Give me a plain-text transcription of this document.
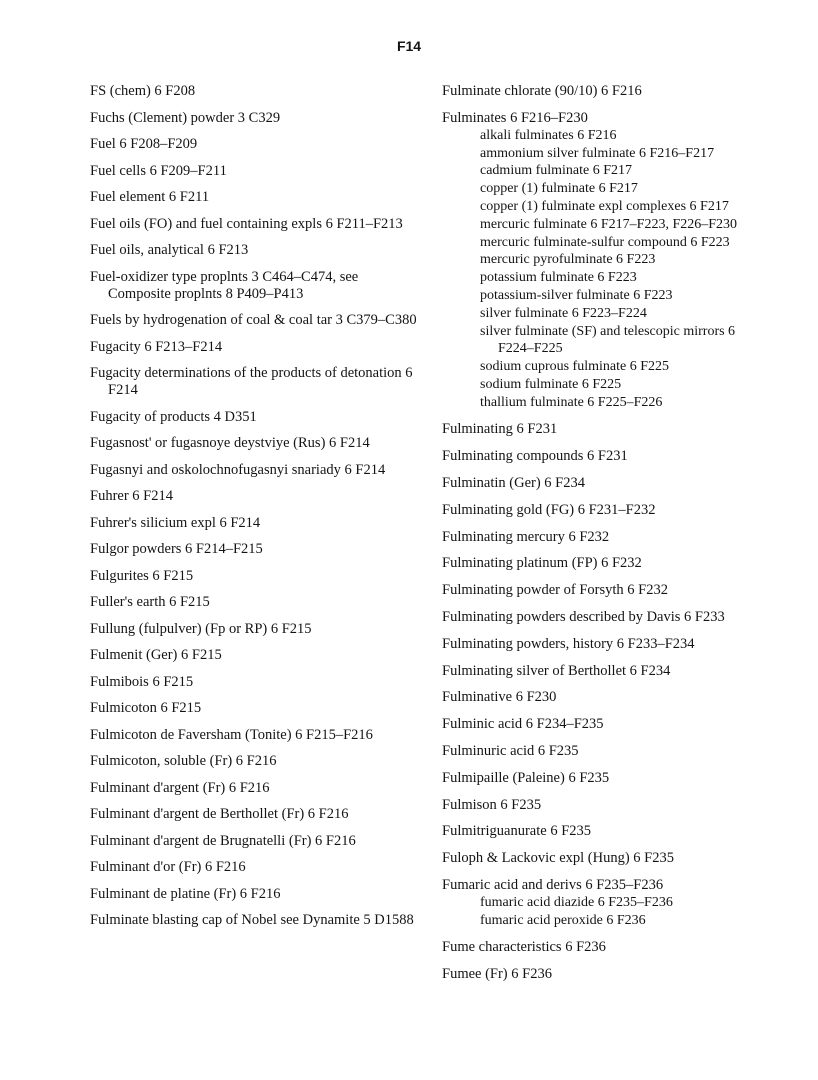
F14
FS (chem) 6 F208
Fuchs (Clement) powder 3 C329
Fuel 6 F208–F209
Fuel cells 6 F209–F211
Fuel element 6 F211
Fuel oils (FO) and fuel containing expls 6 F211–F213
Fuel oils, analytical 6 F213
Fuel-oxidizer type proplnts 3 C464–C474, see Composite proplnts 8 P409–P413
Fuels by hydrogenation of coal & coal tar 3 C379–C380
Fugacity 6 F213–F214
Fugacity determinations of the products of detonation 6 F214
Fugacity of products 4 D351
Fugasnost' or fugasnoye deystviye (Rus) 6 F214
Fugasnyi and oskolochnofugasnyi snariady 6 F214
Fuhrer 6 F214
Fuhrer's silicium expl 6 F214
Fulgor powders 6 F214–F215
Fulgurites 6 F215
Fuller's earth 6 F215
Fullung (fulpulver) (Fp or RP) 6 F215
Fulmenit (Ger) 6 F215
Fulmibois 6 F215
Fulmicoton 6 F215
Fulmicoton de Faversham (Tonite) 6 F215–F216
Fulmicoton, soluble (Fr) 6 F216
Fulminant d'argent (Fr) 6 F216
Fulminant d'argent de Berthollet (Fr) 6 F216
Fulminant d'argent de Brugnatelli (Fr) 6 F216
Fulminant d'or (Fr) 6 F216
Fulminant de platine (Fr) 6 F216
Fulminate blasting cap of Nobel see Dynamite 5 D1588
Fulminate chlorate (90/10) 6 F216
Fulminates 6 F216–F230
alkali fulminates 6 F216
ammonium silver fulminate 6 F216–F217
cadmium fulminate 6 F217
copper (1) fulminate 6 F217
copper (1) fulminate expl complexes 6 F217
mercuric fulminate 6 F217–F223, F226–F230
mercuric fulminate-sulfur compound 6 F223
mercuric pyrofulminate 6 F223
potassium fulminate 6 F223
potassium-silver fulminate 6 F223
silver fulminate 6 F223–F224
silver fulminate (SF) and telescopic mirrors 6 F224–F225
sodium cuprous fulminate 6 F225
sodium fulminate 6 F225
thallium fulminate 6 F225–F226
Fulminating 6 F231
Fulminating compounds 6 F231
Fulminatin (Ger) 6 F234
Fulminating gold (FG) 6 F231–F232
Fulminating mercury 6 F232
Fulminating platinum (FP) 6 F232
Fulminating powder of Forsyth 6 F232
Fulminating powders described by Davis 6 F233
Fulminating powders, history 6 F233–F234
Fulminating silver of Berthollet 6 F234
Fulminative 6 F230
Fulminic acid 6 F234–F235
Fulminuric acid 6 F235
Fulmipaille (Paleine) 6 F235
Fulmison 6 F235
Fulmitriguanurate 6 F235
Fuloph & Lackovic expl (Hung) 6 F235
Fumaric acid and derivs 6 F235–F236
fumaric acid diazide 6 F235–F236
fumaric acid peroxide 6 F236
Fume characteristics 6 F236
Fumee (Fr) 6 F236
